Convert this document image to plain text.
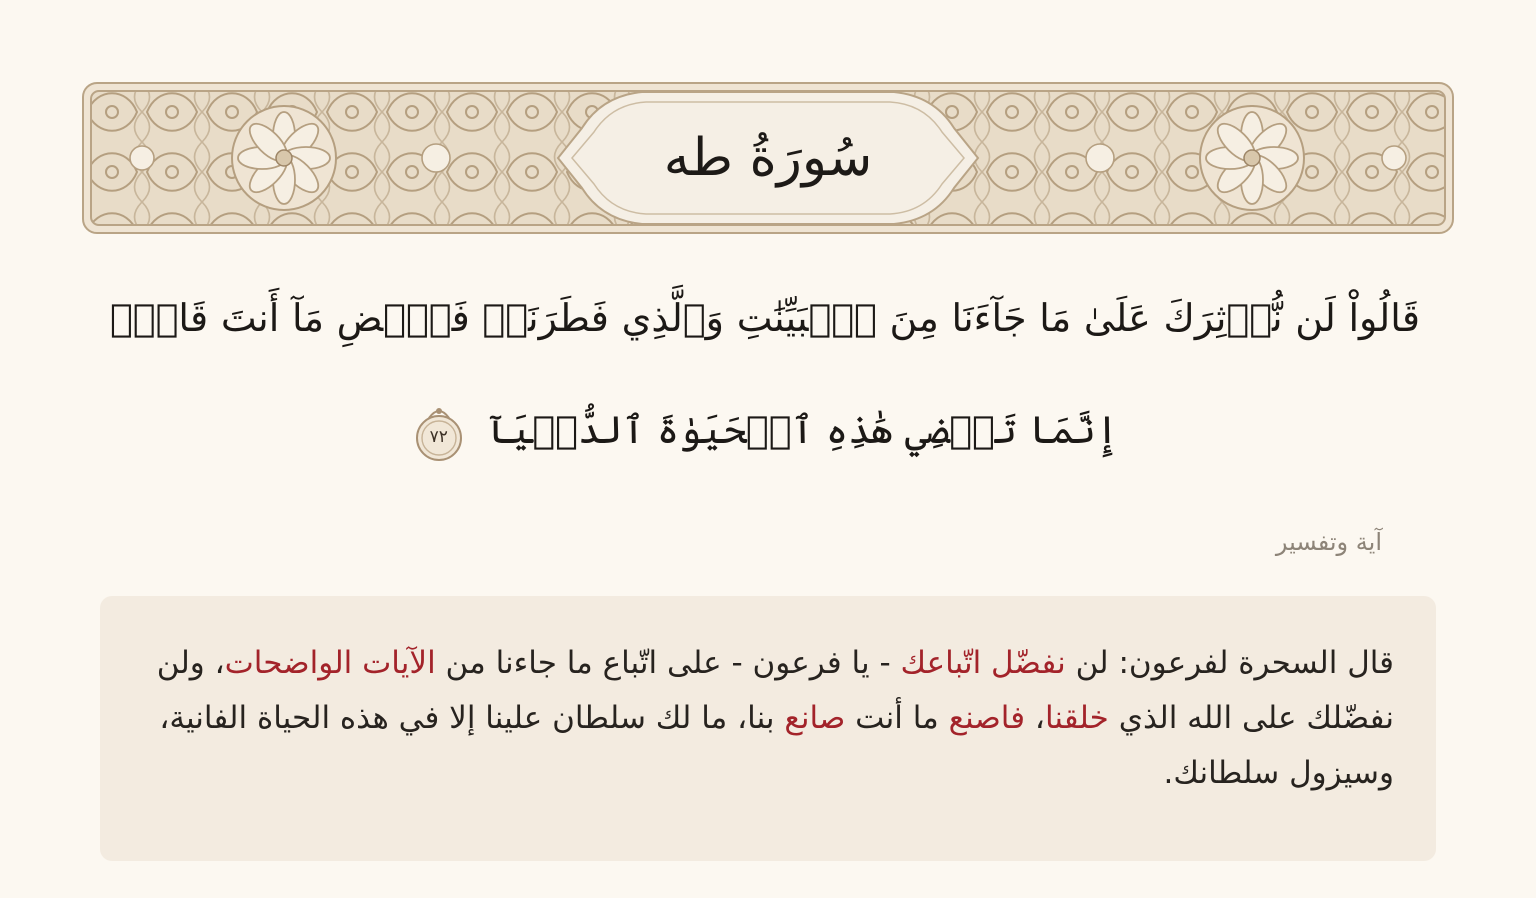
سُورَةُ طه
قَالُواْ لَن نُّؤۡثِرَكَ عَلَىٰ مَا جَآءَنَا مِنَ ٱلۡبَيِّنَٰتِ وَٱلَّذِي فَطَرَنَاۖ فَٱقۡضِ مَآ أَنتَ قَاضٍۖ
إِنَّمَا تَقۡضِي هَٰذِهِ ٱلۡحَيَوٰةَ ٱلدُّنۡيَآ
٧٢
آية وتفسير

قال السحرة لفرعون: لن نفضّل اتّباعك - يا فرعون - على اتّباع ما جاءنا من الآيات الواضحات، ولن نفضّلك على الله الذي خلقنا، فاصنع ما أنت صانع بنا، ما لك سلطان علينا إلا في هذه الحياة الفانية، وسيزول سلطانك.
